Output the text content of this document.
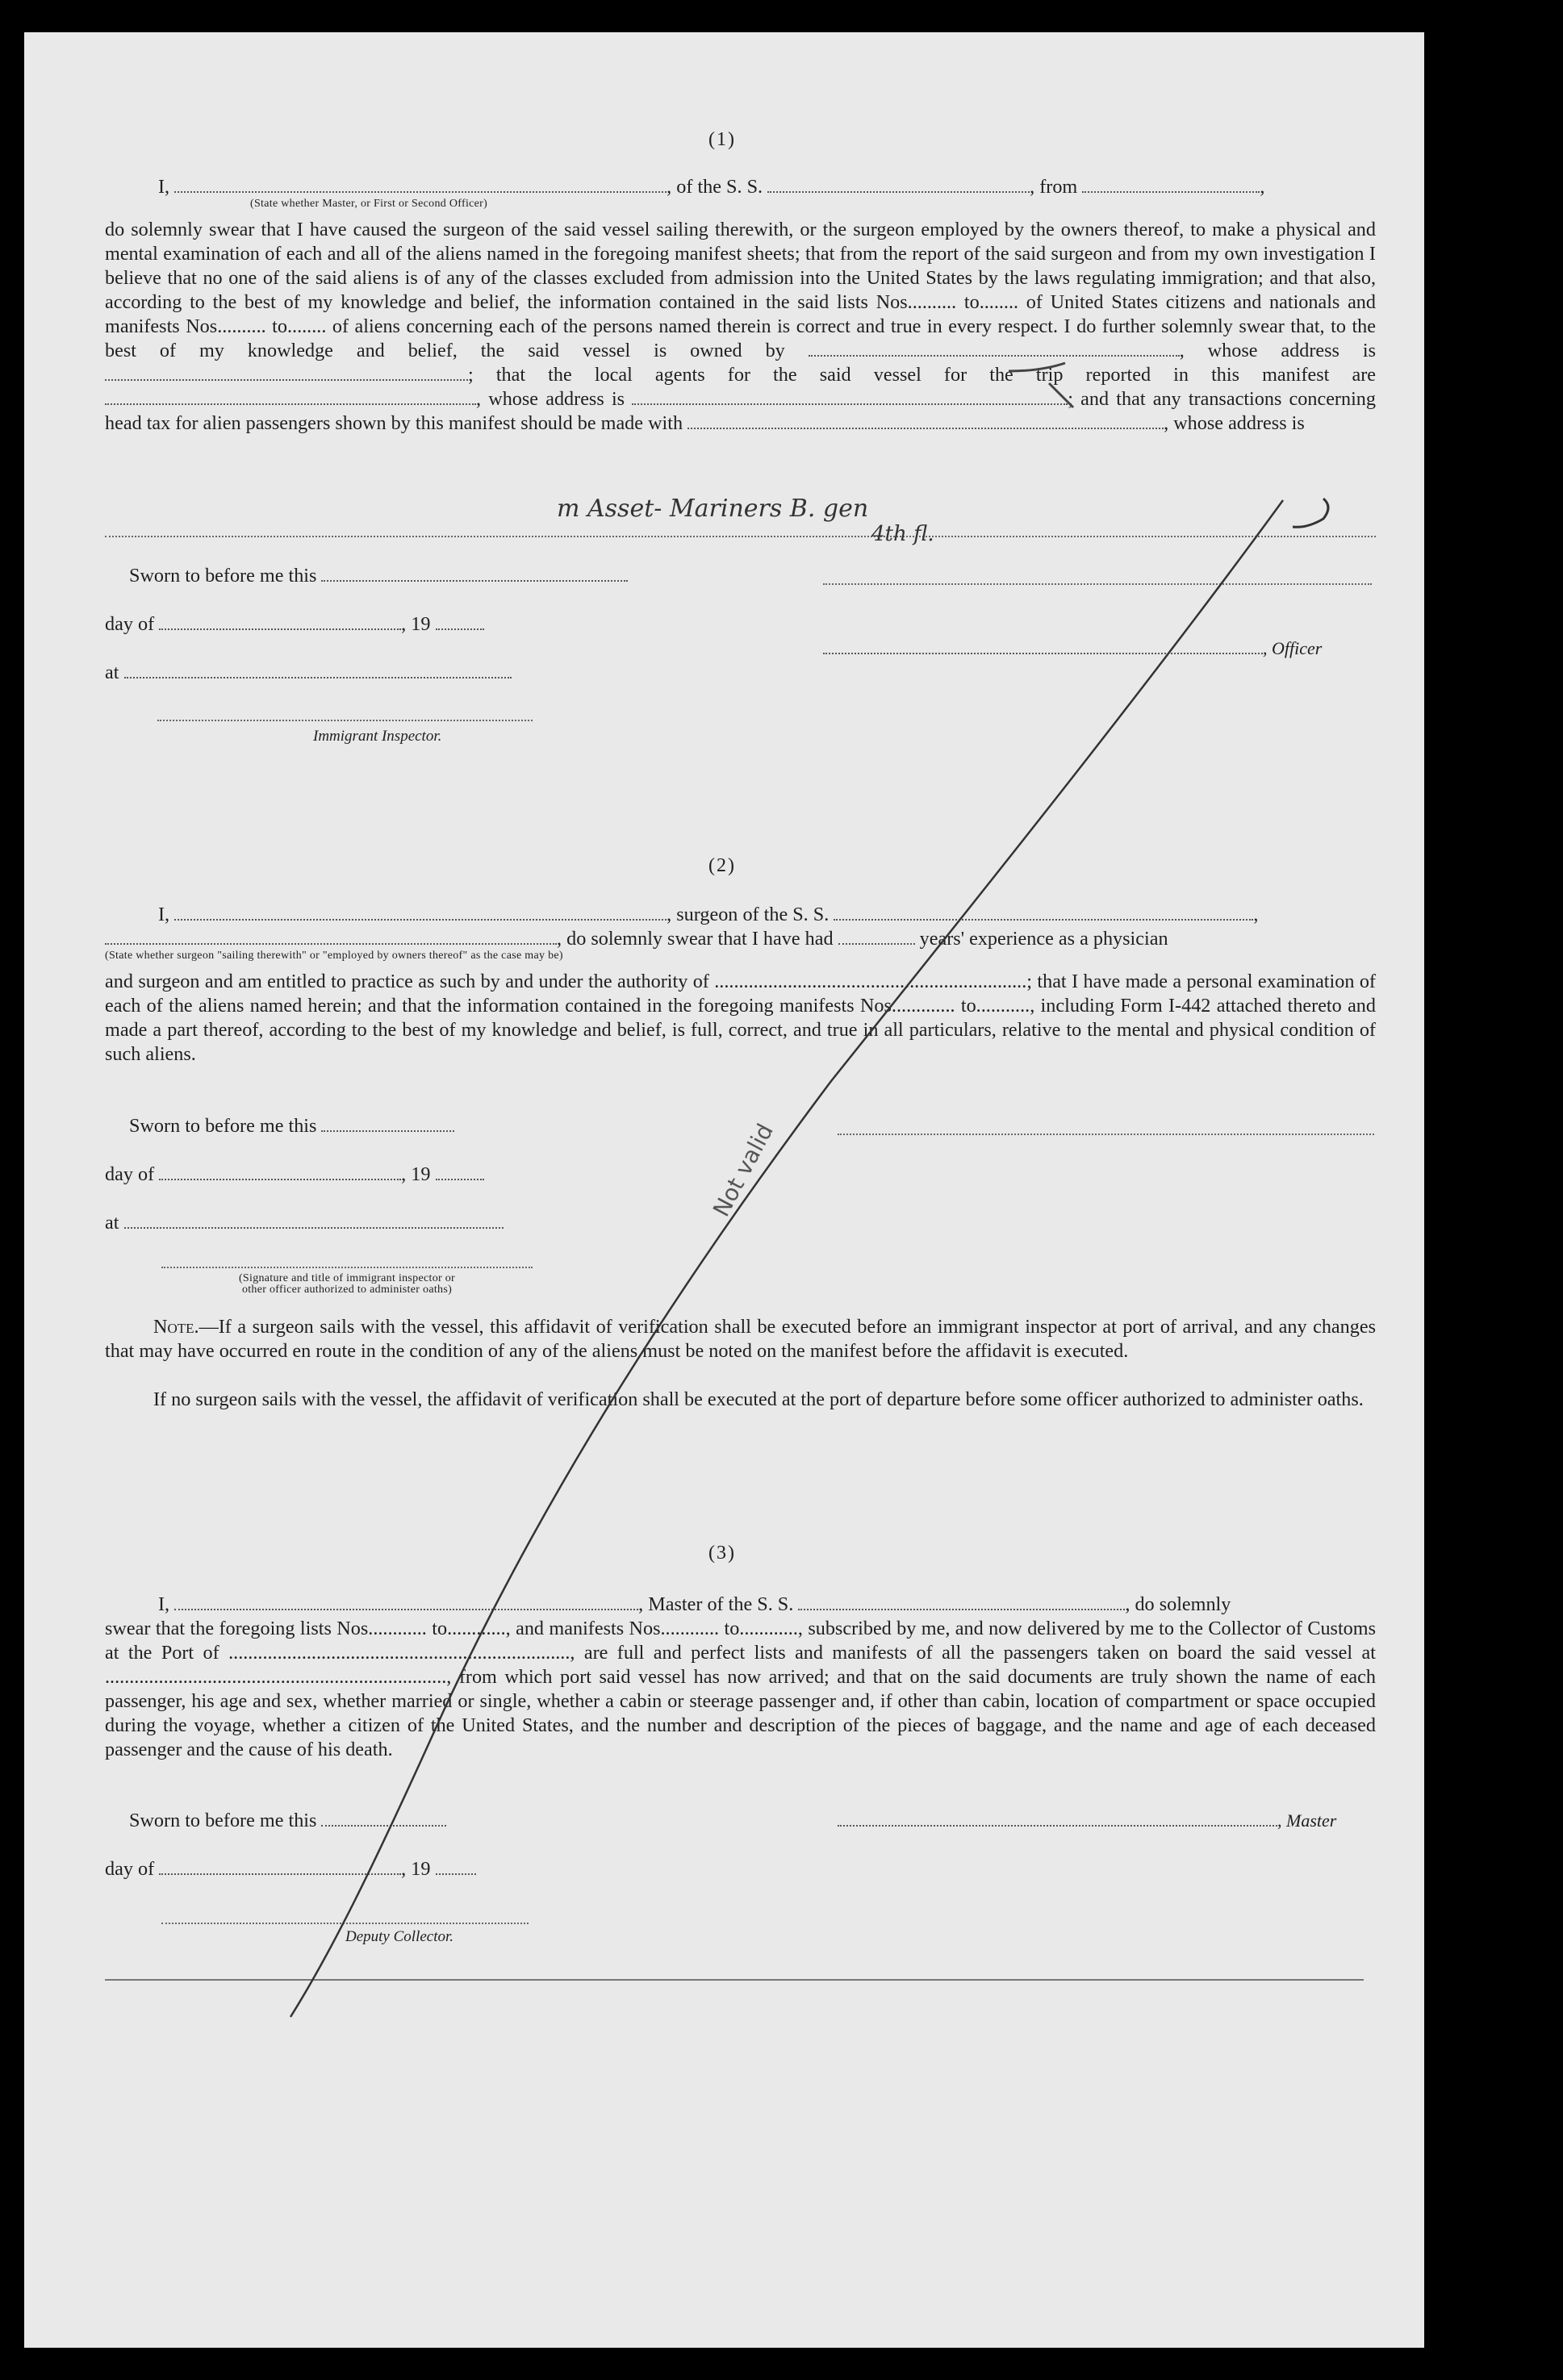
(1)
I,	, of the S. S.	, from	,
(State whether Master, or First or Second Officer)
do solemnly swear that I have caused the surgeon of the said vessel sailing therewith, or the surgeon employed by the owners thereof, to make a physical and mental examination of each and all of the aliens named in the foregoing manifest sheets; that from the report of the said surgeon and from my own investigation I believe that no one of the said aliens is of any of the classes excluded from admission into the United States by the laws regulating immigration; and that also, according to the best of my knowledge and belief, the information contained in the said lists Nos.......... to........ of United States citizens and nationals and manifests Nos.......... to........ of aliens concerning each of the persons named therein is correct and true in every respect. I do further solemnly swear that, to the best of my knowledge and belief, the said vessel is owned by	, whose address is ; that the local agents for the said vessel for the trip reported in this manifest are , whose address is	; and that any transactions concerning head tax for alien passengers shown by this manifest should be made with	, whose address is
Sworn to before me this
day of	, 19
, Officer
at
Immigrant Inspector.
(2)
I,	, surgeon of the S. S.	,
, do solemnly swear that I have had	years' experience as a physician
(State whether surgeon "sailing therewith" or "employed by owners thereof" as the case may be)
and surgeon and am entitled to practice as such by and under the authority of ................................................................; that I have made a personal examination of each of the aliens named herein; and that the information contained in the foregoing manifests Nos............. to..........., including Form I-442 attached thereto and made a part thereof, according to the best of my knowledge and belief, is full, correct, and true in all particulars, relative to the mental and physical condition of such aliens.
Sworn to before me this
day of	, 19
at
(Signature and title of immigrant inspector or
other officer authorized to administer oaths)
Note.—If a surgeon sails with the vessel, this affidavit of verification shall be executed before an immigrant inspector at port of arrival, and any changes that may have occurred en route in the condition of any of the aliens must be noted on the manifest before the affidavit is executed.
If no surgeon sails with the vessel, the affidavit of verification shall be executed at the port of departure before some officer authorized to administer oaths.
(3)
I,	, Master of the S. S.	, do solemnly
swear that the foregoing lists Nos............ to............, and manifests Nos............ to............, subscribed by me, and now delivered by me to the Collector of Customs at the Port of ......................................................................, are full and perfect lists and manifests of all the passengers taken on board the said vessel at ......................................................................, from which port said vessel has now arrived; and that on the said documents are truly shown the name of each passenger, his age and sex, whether married or single, whether a cabin or steerage passenger and, if other than cabin, location of compartment or space occupied during the voyage, whether a citizen of the United States, and the number and description of the pieces of baggage, and the name and age of each deceased passenger and the cause of his death.
Sworn to before me this	, Master
day of	, 19
Deputy Collector.
m Asset- Mariners B. gen
4th fl.
Not valid
